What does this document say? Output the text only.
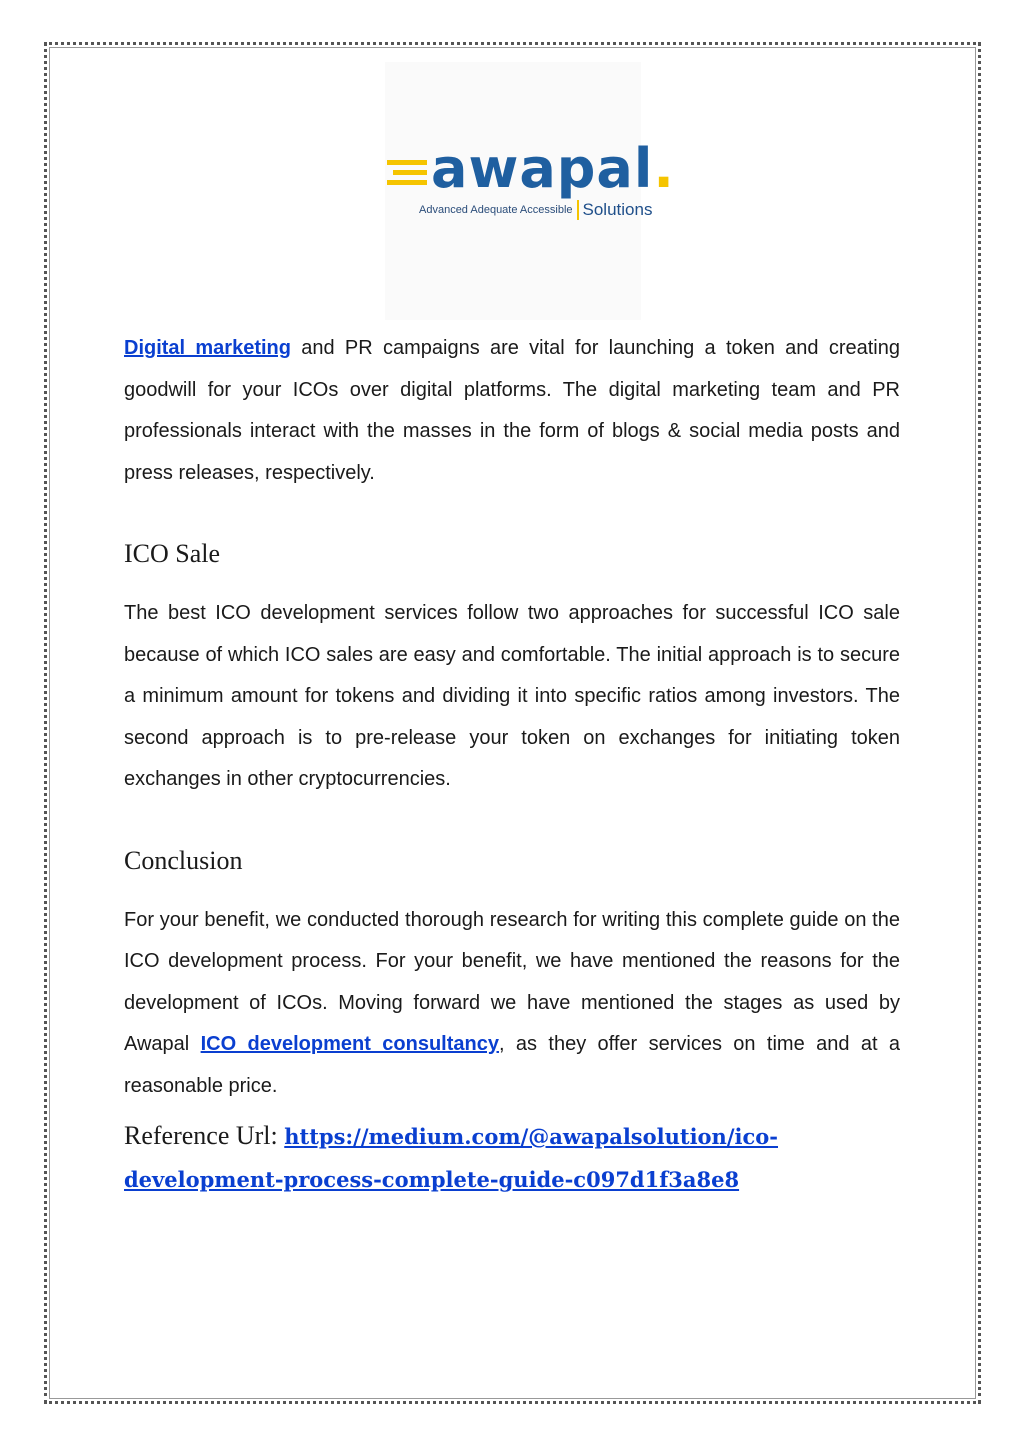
awapal.
Advanced Adequate Accessible Solutions

Digital marketing and PR campaigns are vital for launching a token and creating goodwill for your ICOs over digital platforms. The digital marketing team and PR professionals interact with the masses in the form of blogs & social media posts and press releases, respectively.

ICO Sale

The best ICO development services follow two approaches for successful ICO sale because of which ICO sales are easy and comfortable. The initial approach is to secure a minimum amount for tokens and dividing it into specific ratios among investors. The second approach is to pre-release your token on exchanges for initiating token exchanges in other cryptocurrencies.

Conclusion

For your benefit, we conducted thorough research for writing this complete guide on the ICO development process. For your benefit, we have mentioned the reasons for the development of ICOs. Moving forward we have mentioned the stages as used by Awapal ICO development consultancy, as they offer services on time and at a reasonable price.

Reference Url: https://medium.com/@awapalsolution/ico-
development-process-complete-guide-c097d1f3a8e8
